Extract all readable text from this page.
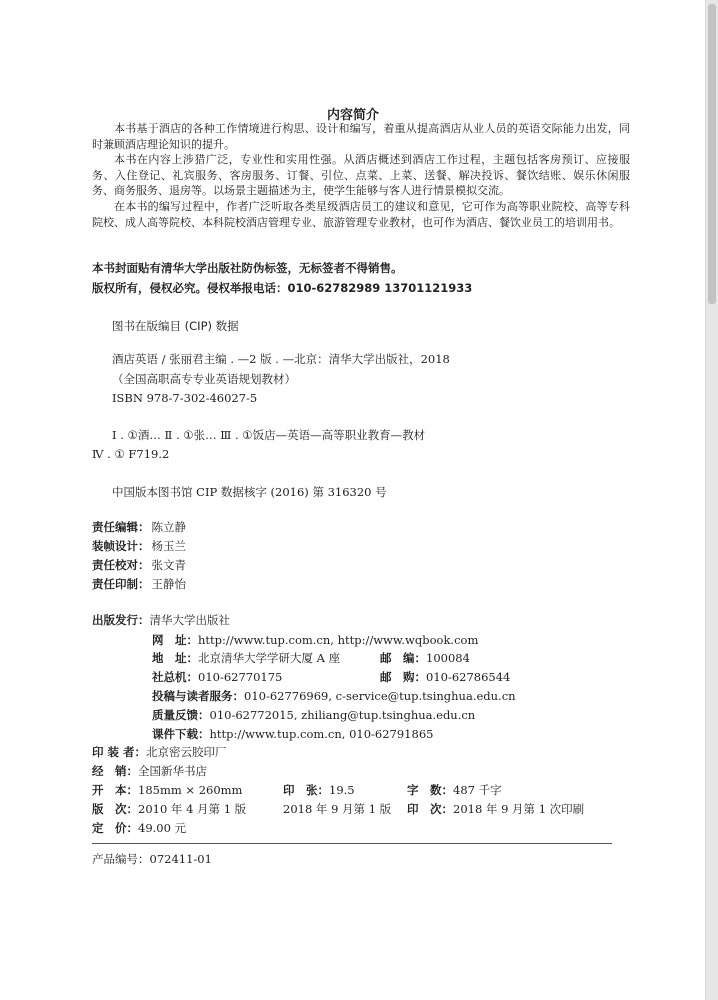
内容简介

本书基于酒店的各种工作情境进行构思、设计和编写，着重从提高酒店从业人员的英语交际能力出发，同时兼顾酒店理论知识的提升。

本书在内容上涉猎广泛，专业性和实用性强。从酒店概述到酒店工作过程，主题包括客房预订、应接服务、入住登记、礼宾服务、客房服务、订餐、引位、点菜、上菜、送餐、解决投诉、餐饮结账、娱乐休闲服务、商务服务、退房等。以场景主题描述为主，使学生能够与客人进行情景模拟交流。

在本书的编写过程中，作者广泛听取各类星级酒店员工的建议和意见，它可作为高等职业院校、高等专科院校、成人高等院校、本科院校酒店管理专业、旅游管理专业教材，也可作为酒店、餐饮业员工的培训用书。

本书封面贴有清华大学出版社防伪标签，无标签者不得销售。
版权所有，侵权必究。侵权举报电话：010-62782989 13701121933
图书在版编目 (CIP) 数据
酒店英语 / 张丽君主编 . —2 版 . —北京：清华大学出版社，2018
（全国高职高专专业英语规划教材）
ISBN 978-7-302-46027-5
Ⅰ . ①酒… Ⅱ . ①张… Ⅲ . ①饭店—英语—高等职业教育—教材
Ⅳ . ① F719.2
中国版本图书馆 CIP 数据核字 (2016) 第 316320 号
责任编辑： 陈立静
装帧设计： 杨玉兰
责任校对： 张文青
责任印制： 王静怡
出版发行：清华大学出版社
网　址：http://www.tup.com.cn, http://www.wqbook.com
地　址：北京清华大学学研大厦 A 座	邮　编：100084
社总机：010-62770175	邮　购：010-62786544
投稿与读者服务：010-62776969, c-service@tup.tsinghua.edu.cn
质量反馈：010-62772015, zhiliang@tup.tsinghua.edu.cn
课件下载：http://www.tup.com.cn, 010-62791865
印 装 者：北京密云胶印厂
经　销：全国新华书店
开　本：185mm × 260mm	印　张：19.5	字　数：487 千字
版　次：2010 年 4 月第 1 版	2018 年 9 月第 1 版 印　次：2018 年 9 月第 1 次印刷
定　价：49.00 元
产品编号：072411-01
